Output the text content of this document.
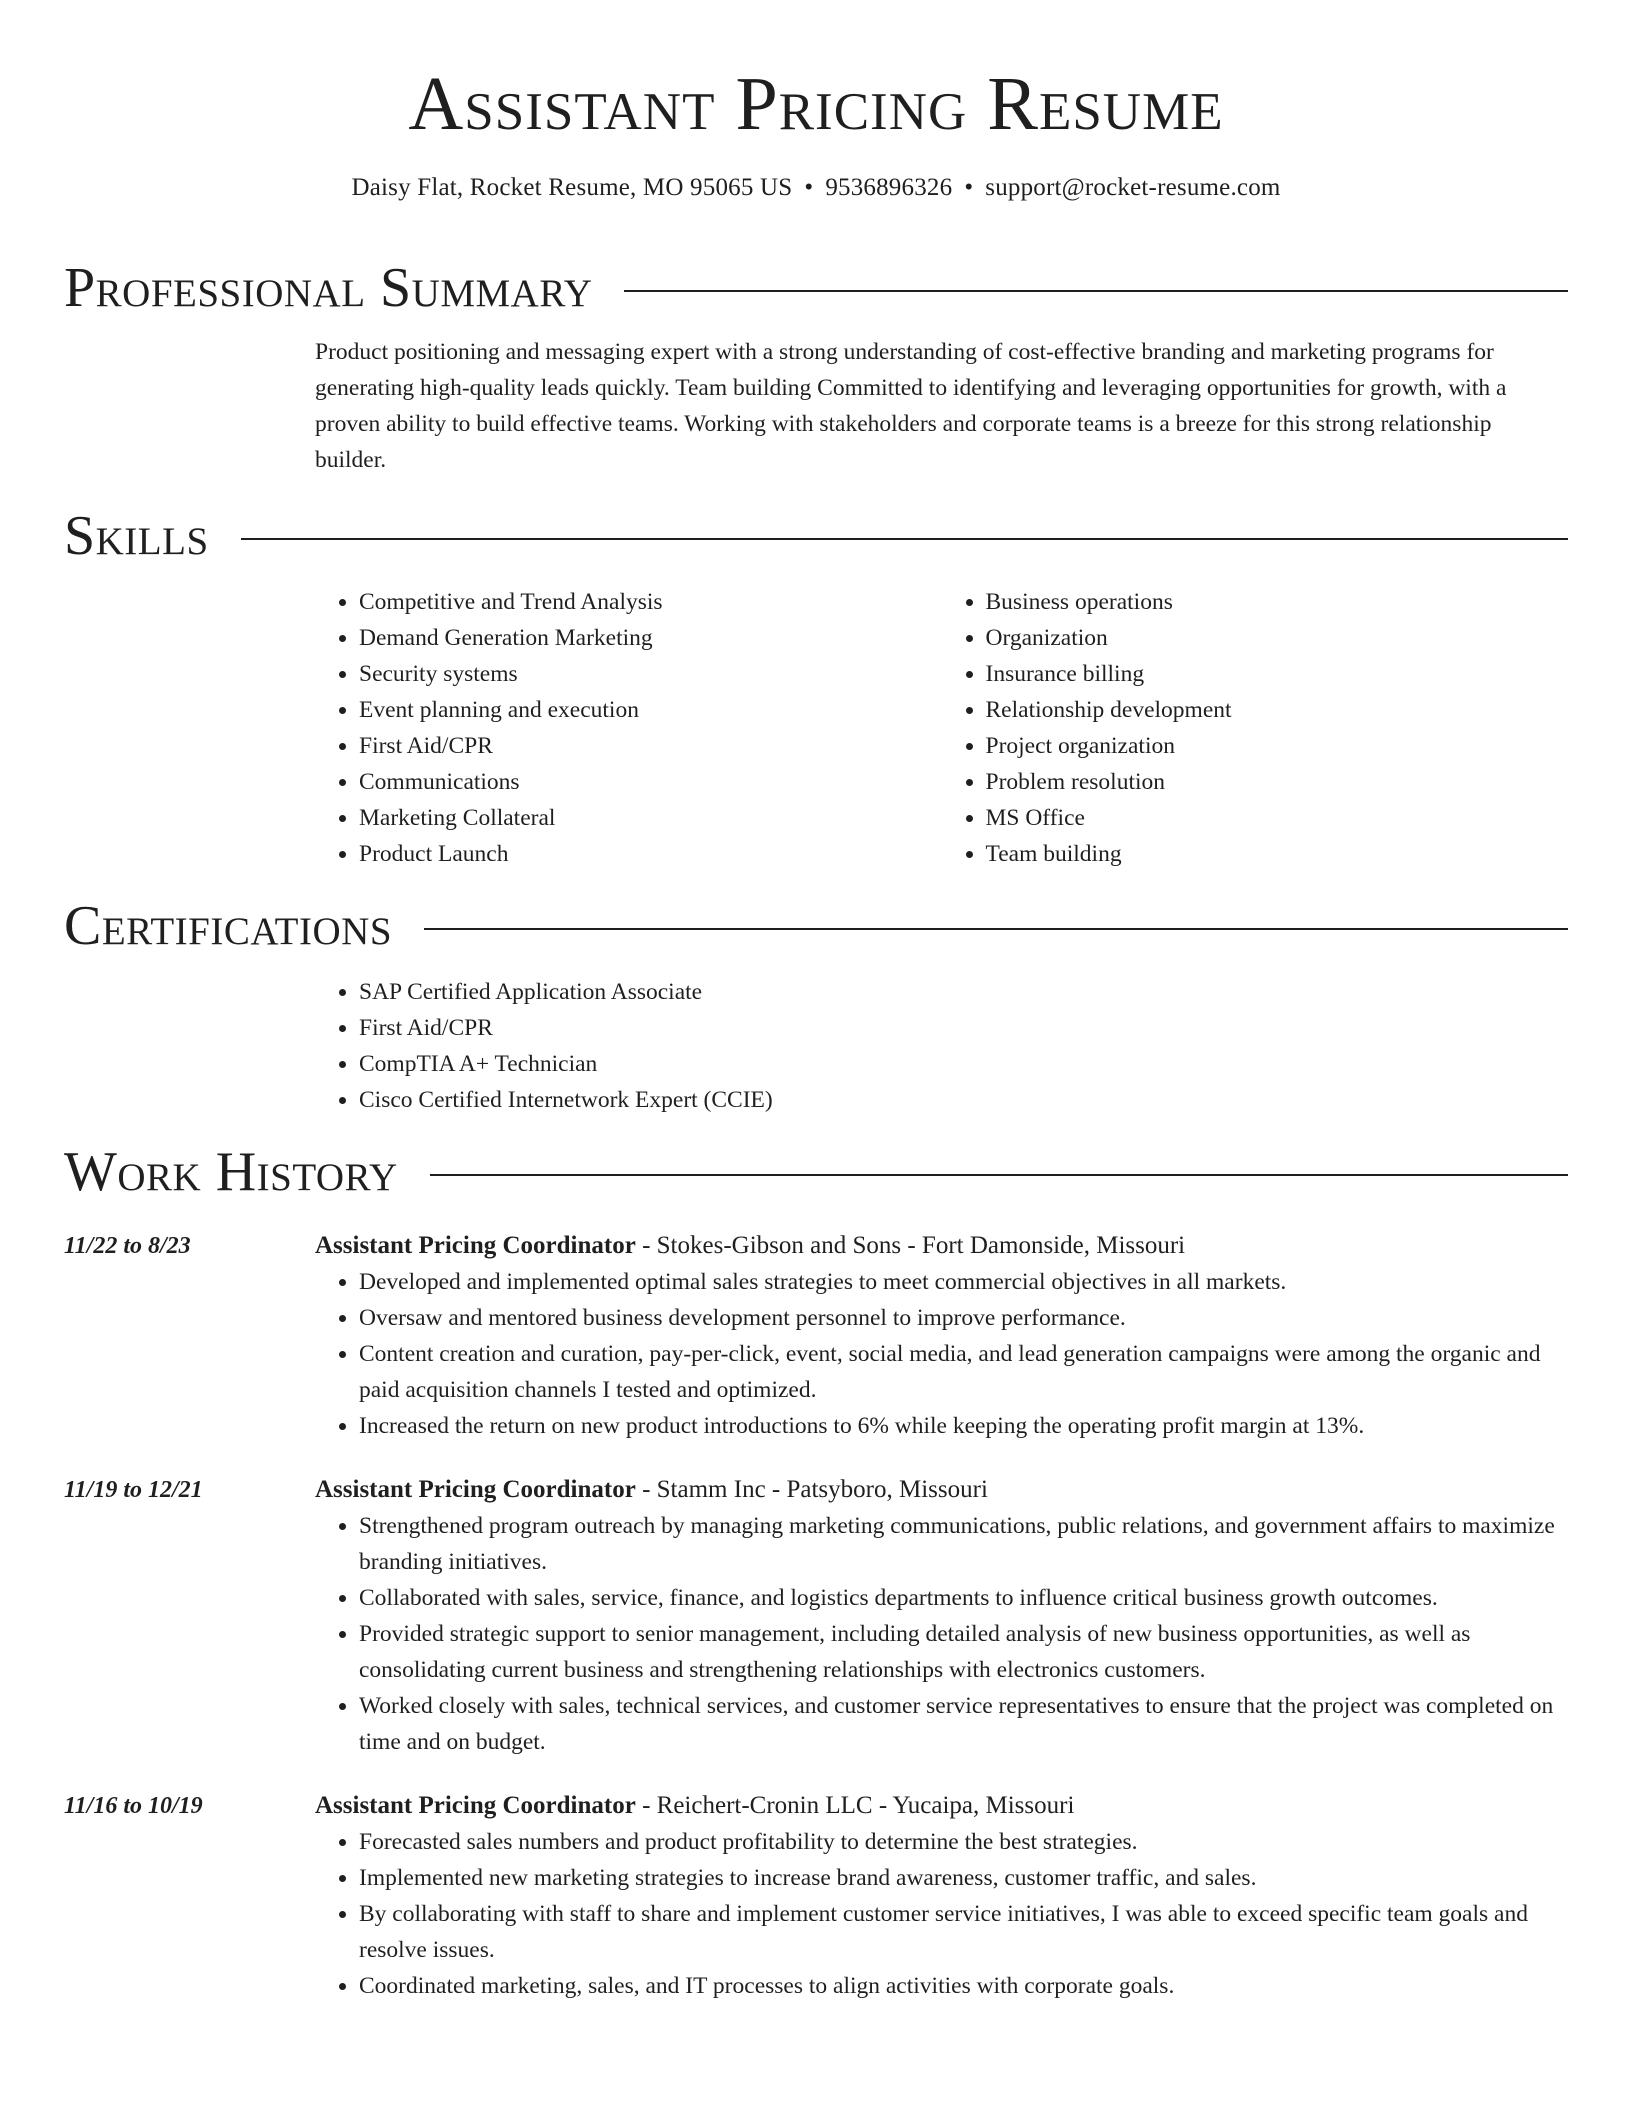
Assistant Pricing Resume
Daisy Flat, Rocket Resume, MO 95065 US • 9536896326 • support@rocket-resume.com
Professional Summary
Product positioning and messaging expert with a strong understanding of cost-effective branding and marketing programs for generating high-quality leads quickly. Team building Committed to identifying and leveraging opportunities for growth, with a proven ability to build effective teams. Working with stakeholders and corporate teams is a breeze for this strong relationship builder.
Skills
• Competitive and Trend Analysis
• Demand Generation Marketing
• Security systems
• Event planning and execution
• First Aid/CPR
• Communications
• Marketing Collateral
• Product Launch
• Business operations
• Organization
• Insurance billing
• Relationship development
• Project organization
• Problem resolution
• MS Office
• Team building
Certifications
• SAP Certified Application Associate
• First Aid/CPR
• CompTIA A+ Technician
• Cisco Certified Internetwork Expert (CCIE)
Work History
11/22 to 8/23	Assistant Pricing Coordinator - Stokes-Gibson and Sons - Fort Damonside, Missouri
• Developed and implemented optimal sales strategies to meet commercial objectives in all markets.
• Oversaw and mentored business development personnel to improve performance.
• Content creation and curation, pay-per-click, event, social media, and lead generation campaigns were among the organic and paid acquisition channels I tested and optimized.
• Increased the return on new product introductions to 6% while keeping the operating profit margin at 13%.
11/19 to 12/21	Assistant Pricing Coordinator - Stamm Inc - Patsyboro, Missouri
• Strengthened program outreach by managing marketing communications, public relations, and government affairs to maximize branding initiatives.
• Collaborated with sales, service, finance, and logistics departments to influence critical business growth outcomes.
• Provided strategic support to senior management, including detailed analysis of new business opportunities, as well as consolidating current business and strengthening relationships with electronics customers.
• Worked closely with sales, technical services, and customer service representatives to ensure that the project was completed on time and on budget.
11/16 to 10/19	Assistant Pricing Coordinator - Reichert-Cronin LLC - Yucaipa, Missouri
• Forecasted sales numbers and product profitability to determine the best strategies.
• Implemented new marketing strategies to increase brand awareness, customer traffic, and sales.
• By collaborating with staff to share and implement customer service initiatives, I was able to exceed specific team goals and resolve issues.
• Coordinated marketing, sales, and IT processes to align activities with corporate goals.
